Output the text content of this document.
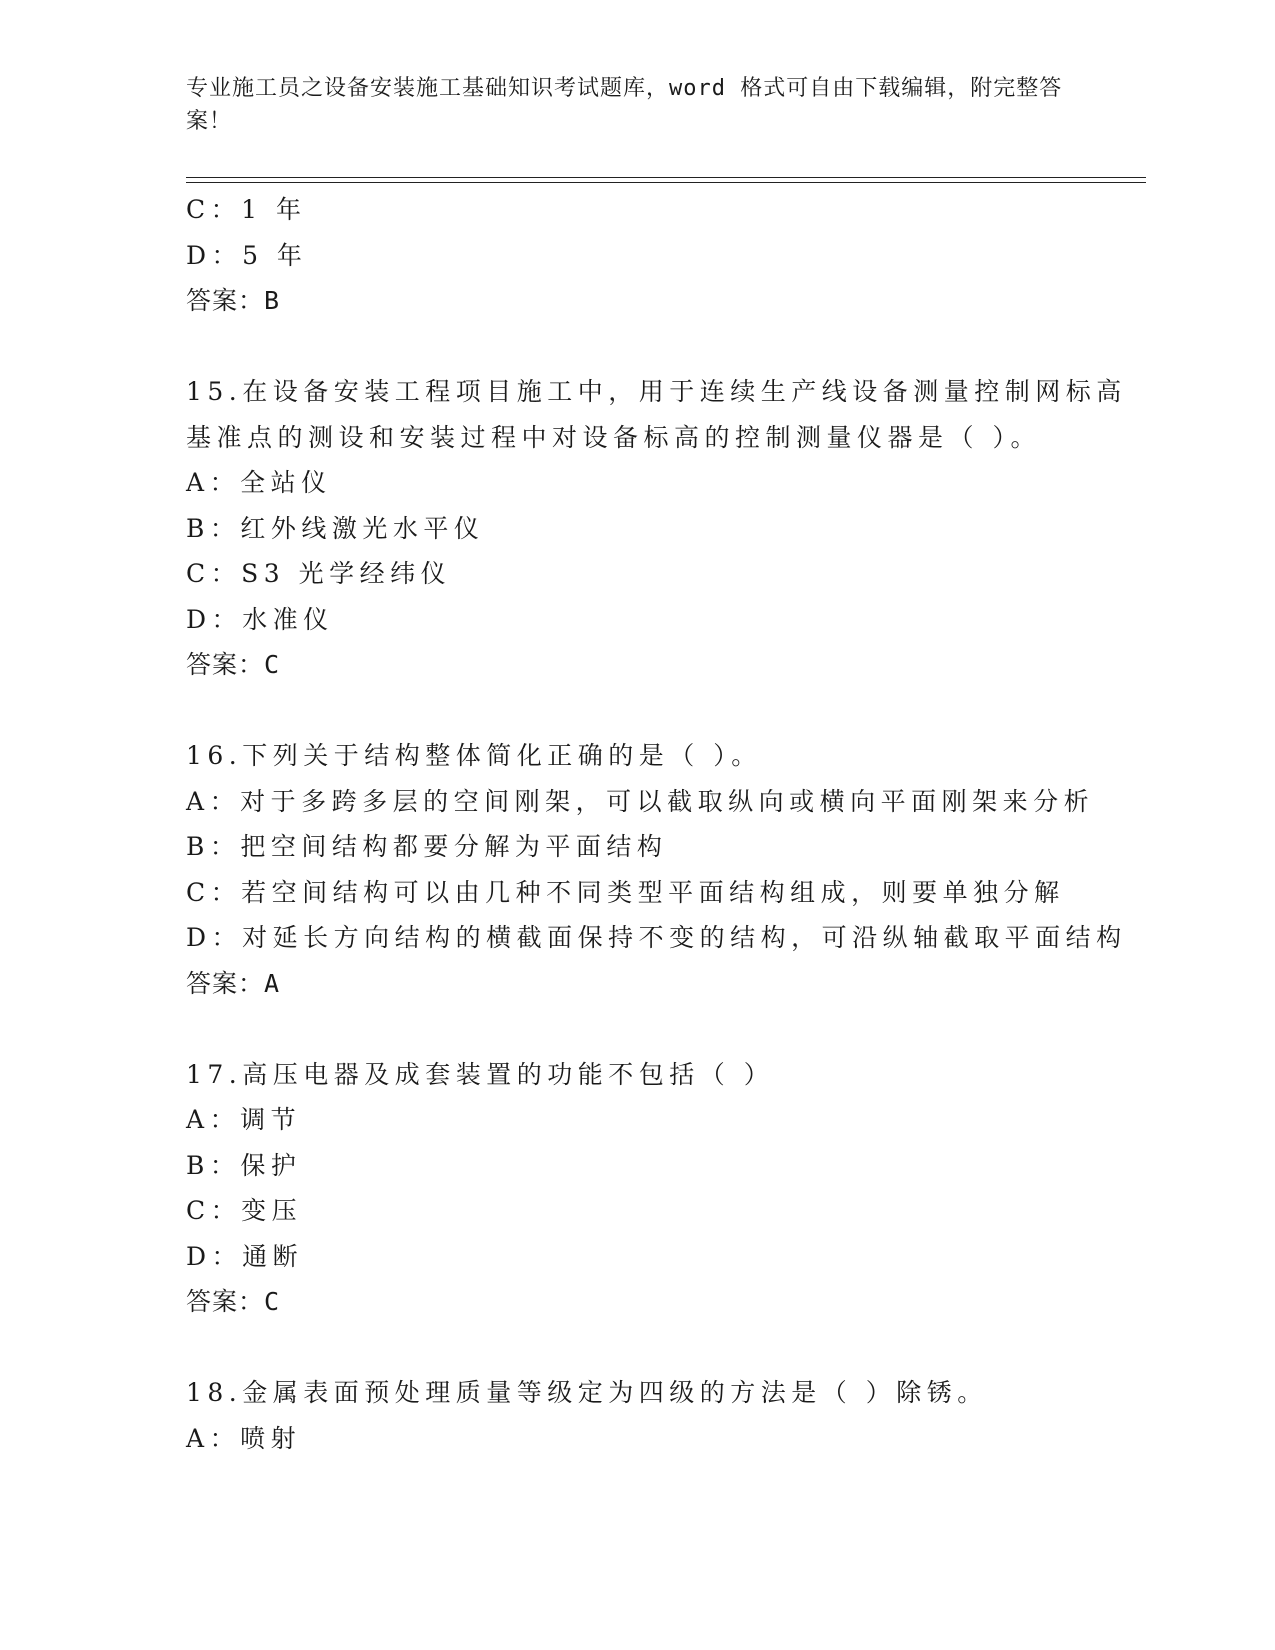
专业施工员之设备安装施工基础知识考试题库，word 格式可自由下载编辑，附完整答案！

C：1 年
D：5 年
答案：B
15.在设备安装工程项目施工中，用于连续生产线设备测量控制网标高
基准点的测设和安装过程中对设备标高的控制测量仪器是（ ）。
A：全站仪
B：红外线激光水平仪
C：S3 光学经纬仪
D：水准仪
答案：C
16.下列关于结构整体简化正确的是（ ）。
A：对于多跨多层的空间刚架，可以截取纵向或横向平面刚架来分析
B：把空间结构都要分解为平面结构
C：若空间结构可以由几种不同类型平面结构组成，则要单独分解
D：对延长方向结构的横截面保持不变的结构，可沿纵轴截取平面结构
答案：A
17.高压电器及成套装置的功能不包括（ ）
A：调节
B：保护
C：变压
D：通断
答案：C
18.金属表面预处理质量等级定为四级的方法是（ ）除锈。
A：喷射
